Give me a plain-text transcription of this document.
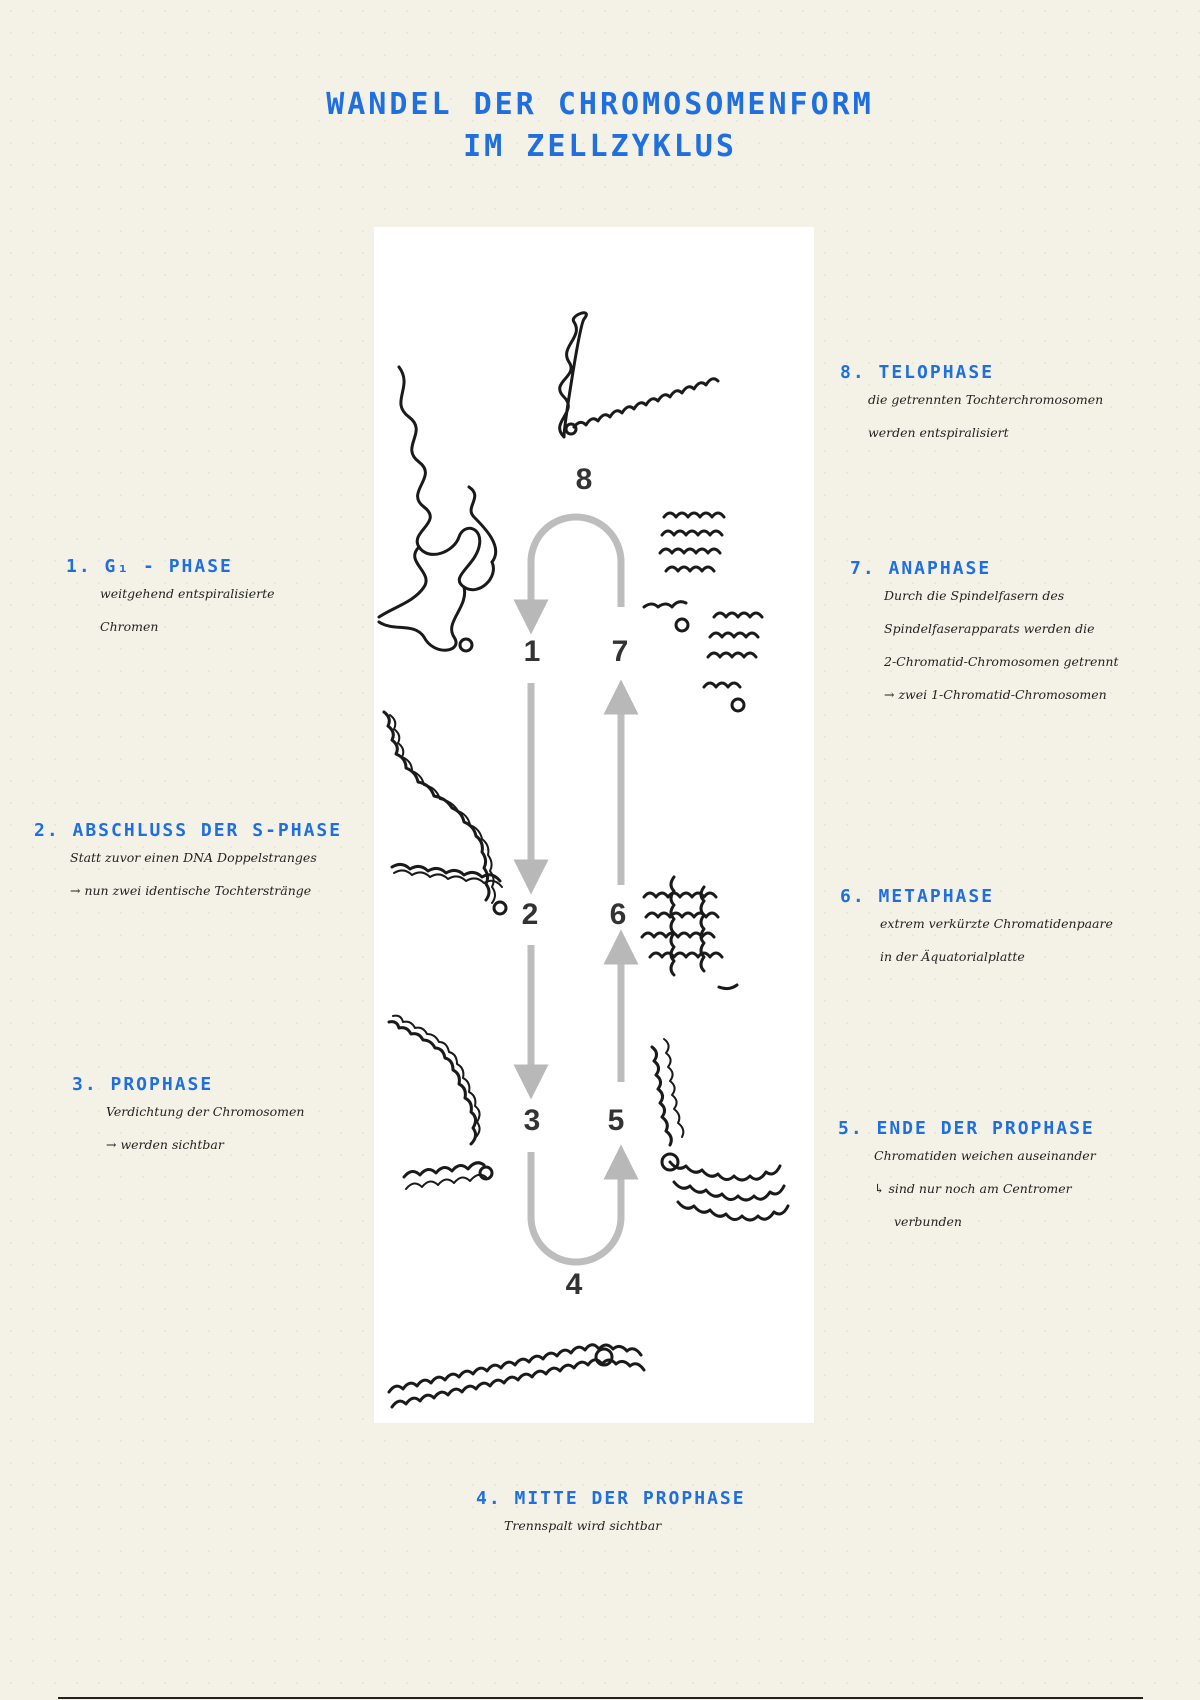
WANDEL DER CHROMOSOMENFORM
IM ZELLZYKLUS
8
1 7
2 6
3 5
4
1. G₁ - PHASE
weitgehend entspiralisierte
Chromen
2. ABSCHLUSS DER S-PHASE
Statt zuvor einen DNA Doppelstranges
→ nun zwei identische Tochterstränge
3. PROPHASE
Verdichtung der Chromosomen
→ werden sichtbar
4. MITTE DER PROPHASE
Trennspalt wird sichtbar
5. ENDE DER PROPHASE
Chromatiden weichen auseinander
↳ sind nur noch am Centromer
verbunden
6. METAPHASE
extrem verkürzte Chromatidenpaare
in der Äquatorialplatte
7. ANAPHASE
Durch die Spindelfasern des
Spindelfaserapparats werden die
2-Chromatid-Chromosomen getrennt
→ zwei 1-Chromatid-Chromosomen
8. TELOPHASE
die getrennten Tochterchromosomen
werden entspiralisiert
